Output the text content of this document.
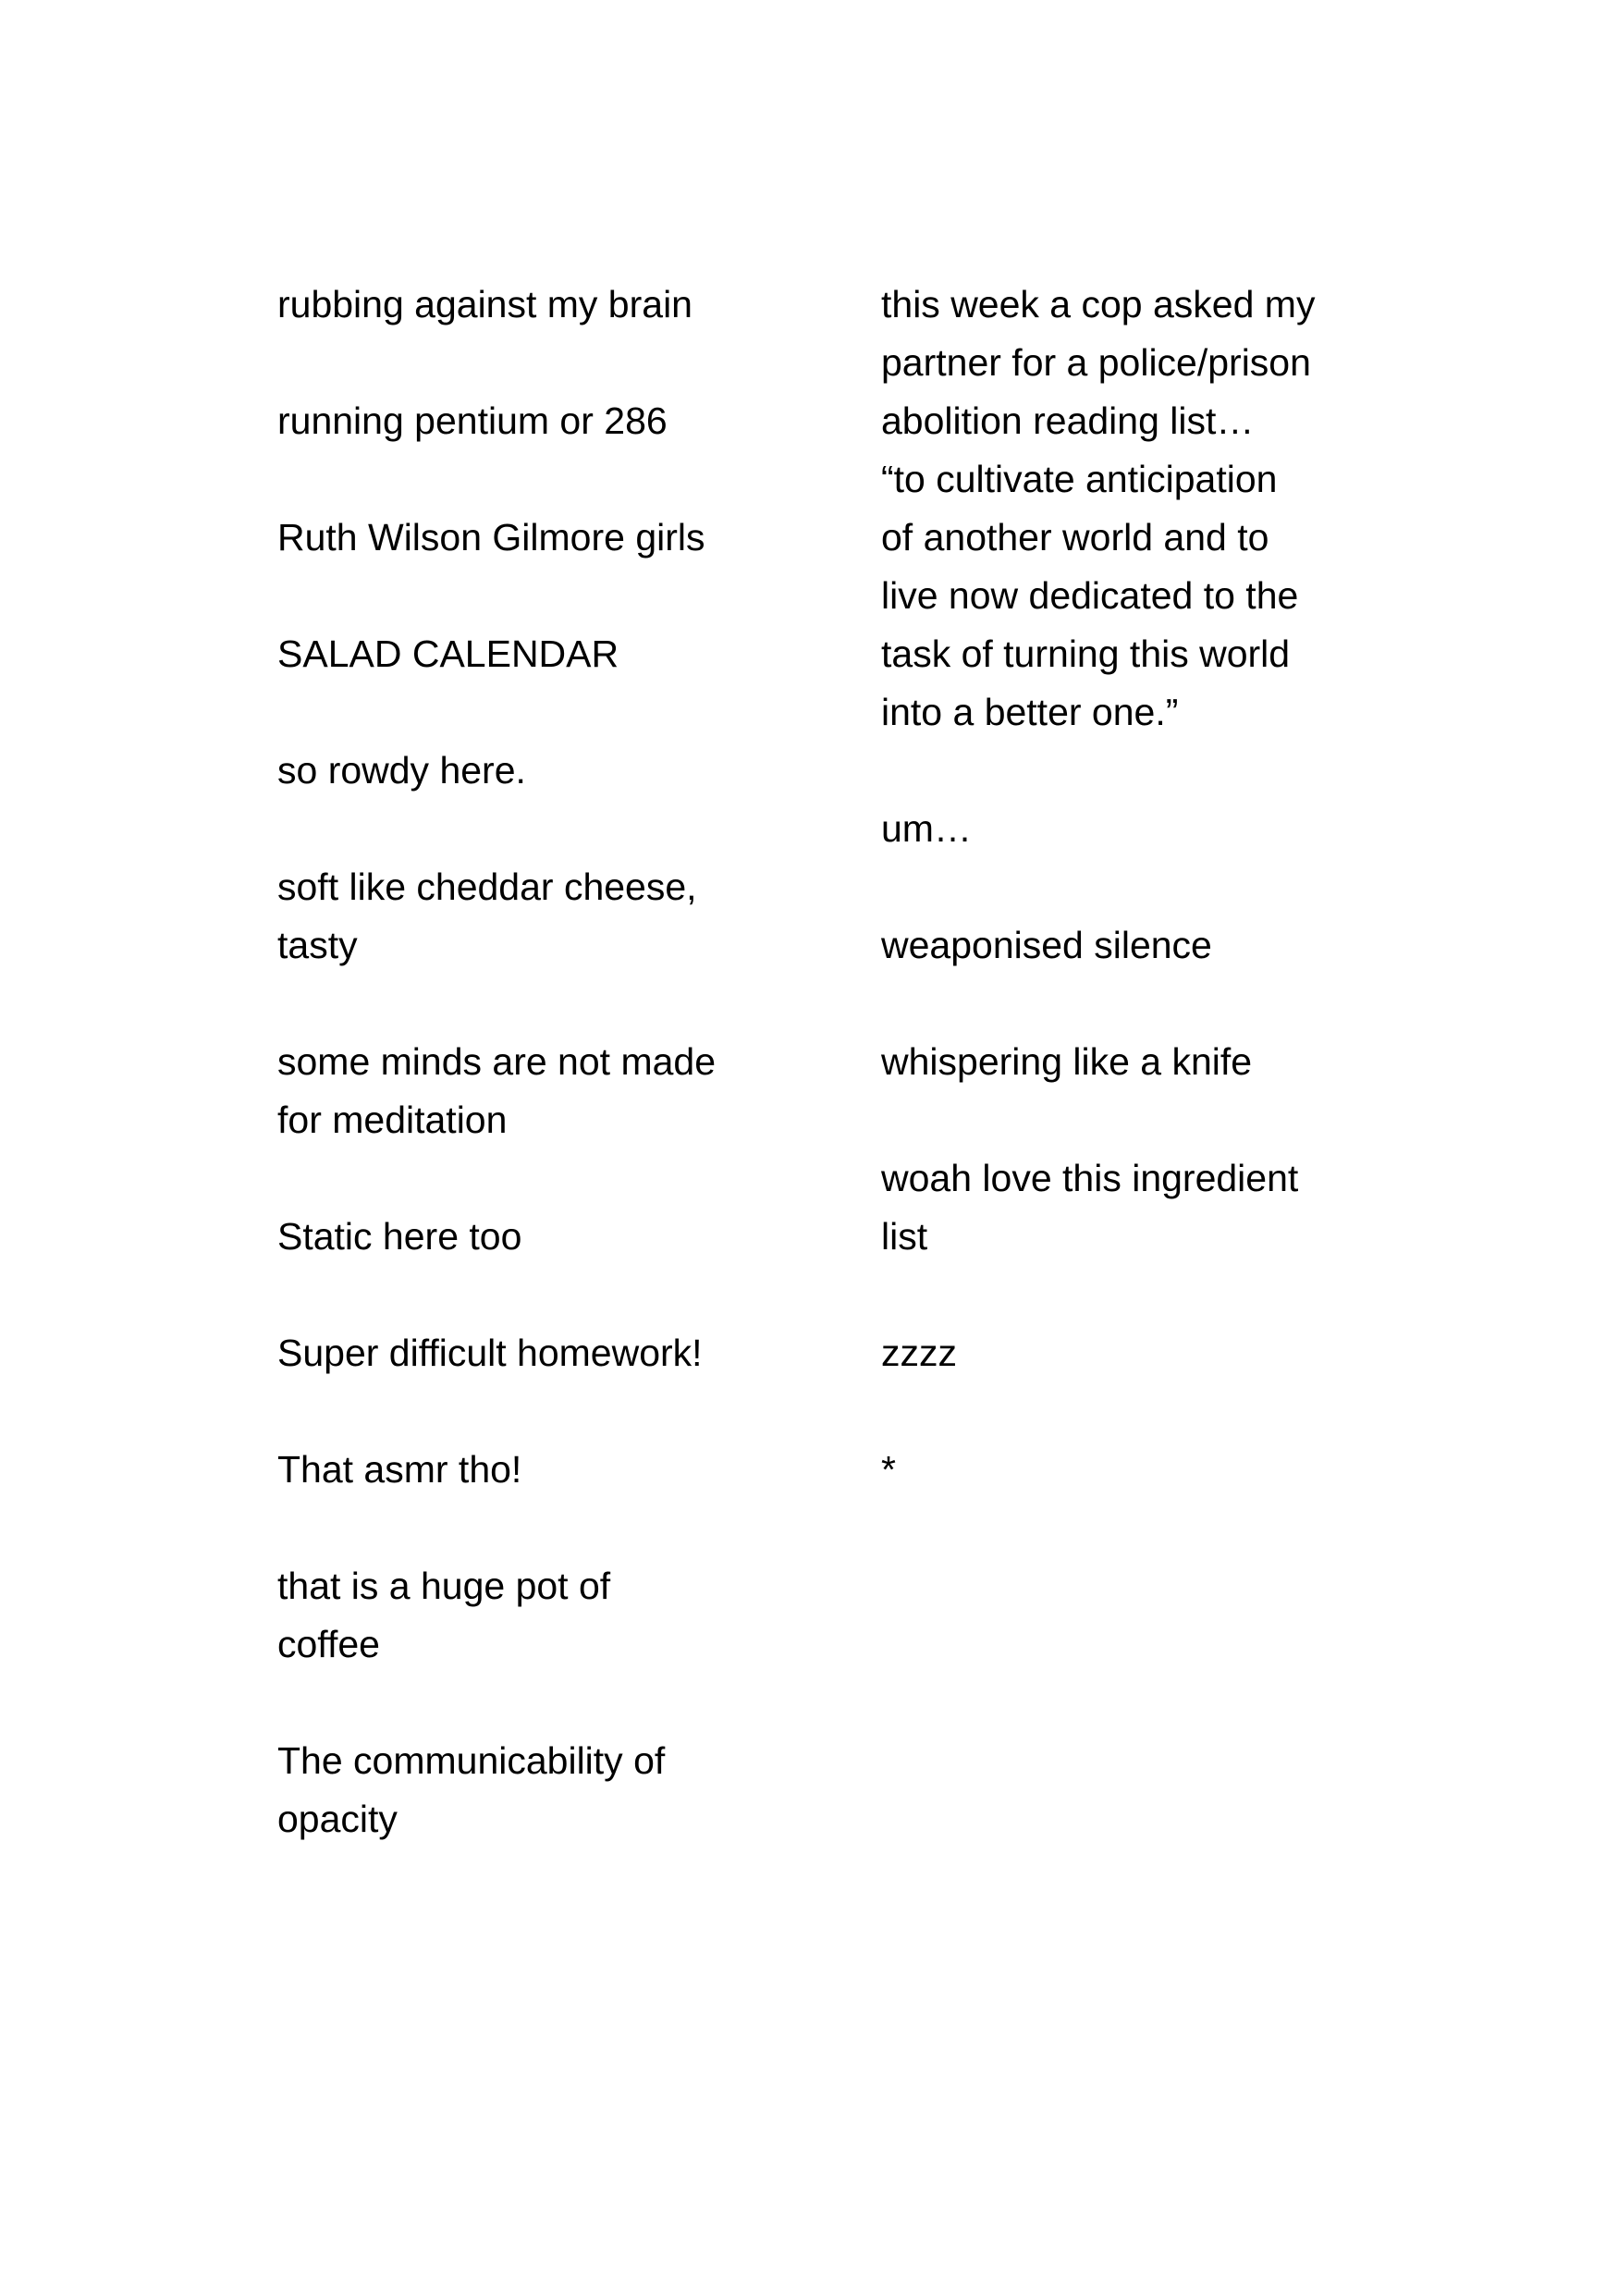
rubbing against my brain

running pentium or 286

Ruth Wilson Gilmore girls

SALAD CALENDAR

so rowdy here.

soft like cheddar cheese,
tasty

some minds are not made
for meditation

Static here too

Super difficult homework!

That asmr tho!

that is a huge pot of
coffee

The communicability of
opacity

this week a cop asked my
partner for a police/prison
abolition reading list…
“to cultivate anticipation
of another world and to
live now dedicated to the
task of turning this world
into a better one.”

um…

weaponised silence

whispering like a knife

woah love this ingredient
list

zzzz

*
